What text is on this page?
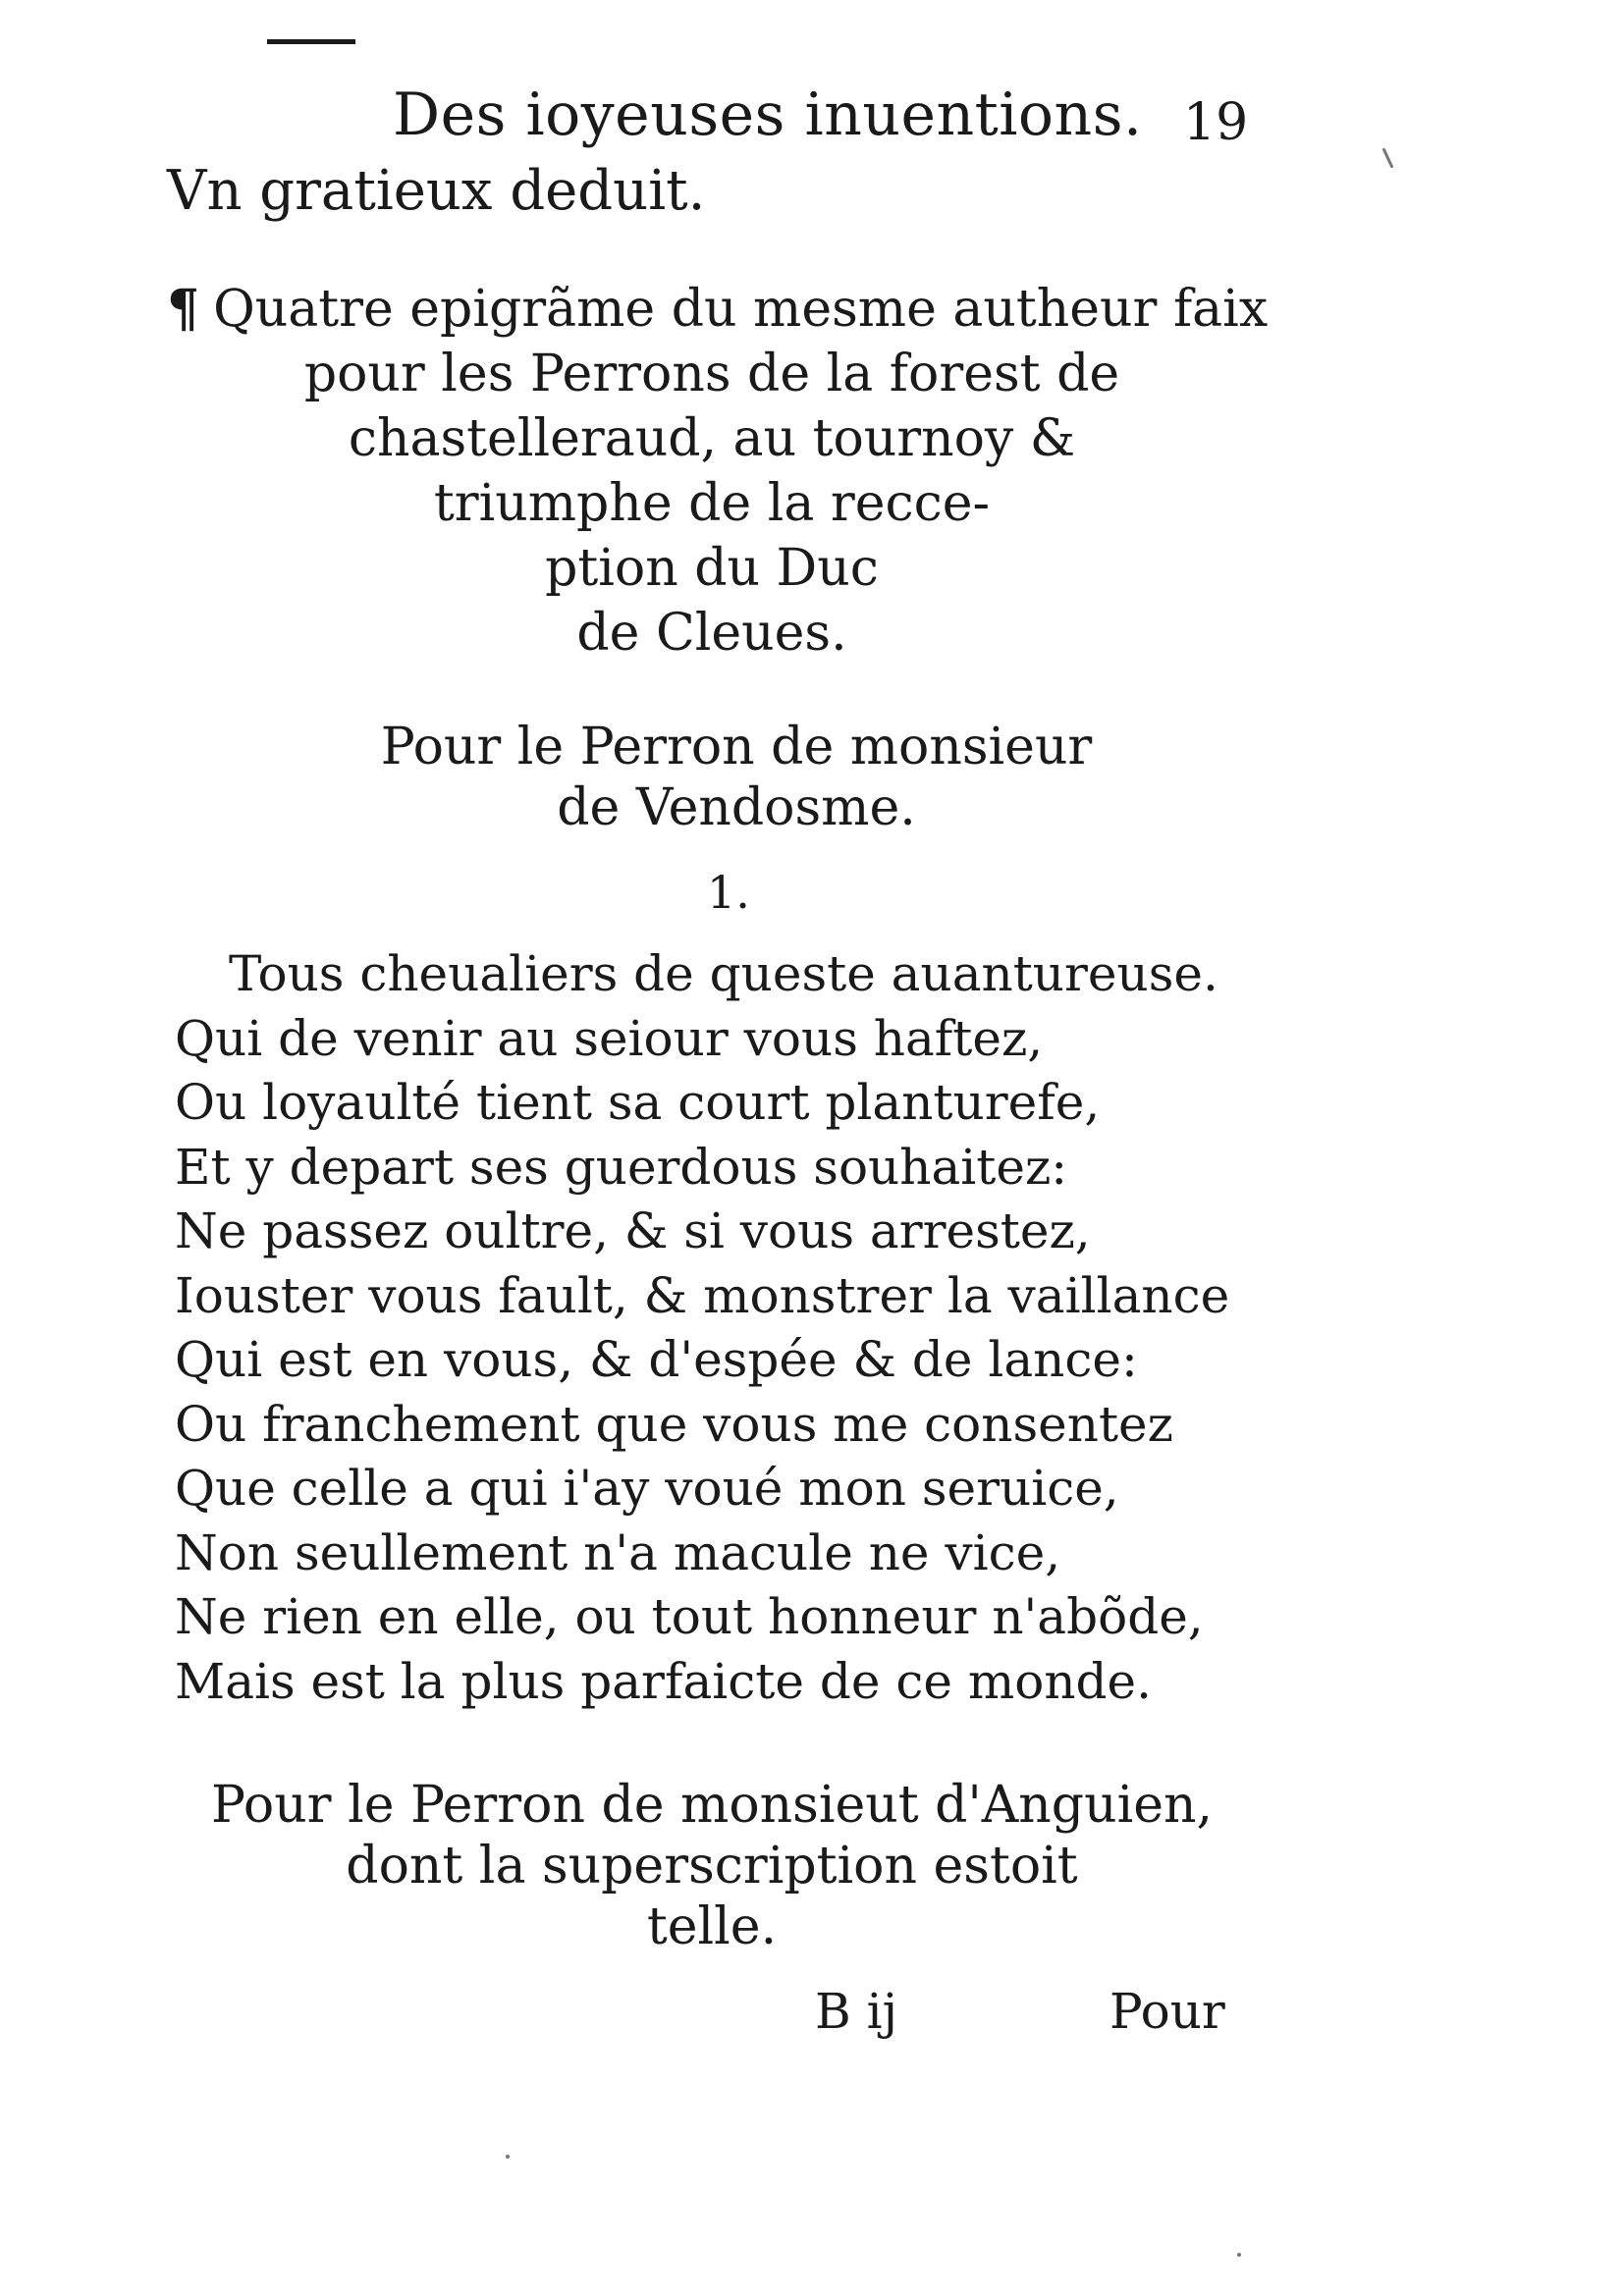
Des ioyeuses inuentions. 19
Vn gratieux deduit.
¶ Quatre epigrãme du mesme autheur faix
pour les Perrons de la forest de
chastelleraud, au tournoy &
triumphe de la recce-
ption du Duc
de Cleues.
Pour le Perron de monsieur
de Vendosme.
1.
Tous cheualiers de queste auantureuse.
Qui de venir au seiour vous haftez,
Ou loyaulté tient sa court planturefe,
Et y depart ses guerdous souhaitez:
Ne passez oultre, & si vous arrestez,
Iouster vous fault, & monstrer la vaillance
Qui est en vous, & d'espée & de lance:
Ou franchement que vous me consentez
Que celle a qui i'ay voué mon seruice,
Non seullement n'a macule ne vice,
Ne rien en elle, ou tout honneur n'abõde,
Mais est la plus parfaicte de ce monde.
Pour le Perron de monsieut d'Anguien,
dont la superscription estoit
telle.
B ij	Pour
